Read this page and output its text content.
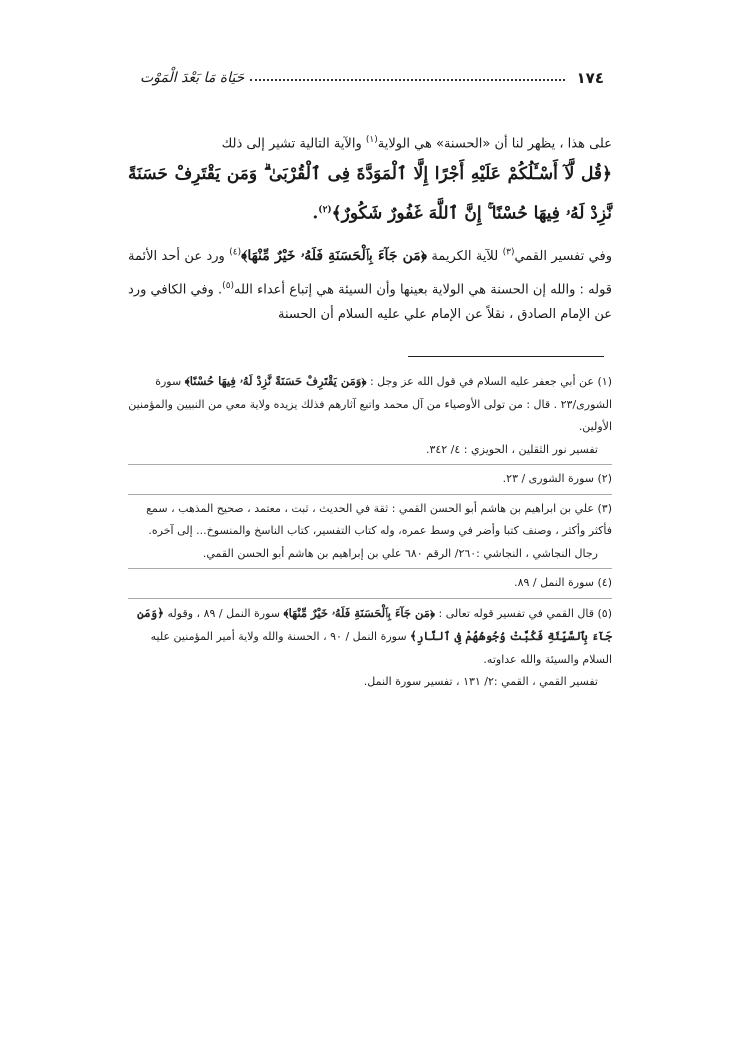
١٧٤
حَيَاة مَا بَعْدَ الْمَوْت

على هذا ، يظهر لنا أن «الحسنة» هي الولاية$^{(١)}$ والآية التالية تشير إلى ذلك

﴿قُل لَّآ أَسْـَٔلُكُمْ عَلَيْهِ أَجْرًا إِلَّا ٱلْمَوَدَّةَ فِى ٱلْقُرْبَىٰ ۗ وَمَن يَقْتَرِفْ حَسَنَةً نَّزِدْ لَهُۥ فِيهَا حُسْنًا ۚ إِنَّ ٱللَّهَ غَفُورٌ شَكُورٌ﴾$^{(٢)}$.

وفي تفسير القمي$^{(٣)}$ للآية الكريمة ﴿مَن جَآءَ بِٱلْحَسَنَةِ فَلَهُۥ خَيْرٌ مِّنْهَا﴾$^{(٤)}$ ورد عن أحد الأئمة قوله : والله إن الحسنة هي الولاية بعينها وأن السيئة هي إتباع أعداء الله$^{(٥)}$. وفي الكافي ورد عن الإمام الصادق ، نقلاً عن الإمام علي عليه السلام أن الحسنة

(١) عن أبي جعفر عليه السلام في قول الله عز وجل : ﴿وَمَن يَقْتَرِفْ حَسَنَةً نَّزِدْ لَهُۥ فِيهَا حُسْنًا﴾ سورة الشورى/٢٣ . قال : من تولى الأوصياء من آل محمد واتبع آثارهم فذلك يزيده ولاية معي من النبيين والمؤمنين الأولين.

تفسير نور الثقلين ، الحويزي : ٤/ ٣٤٢.

(٢) سورة الشورى / ٢٣.

(٣) علي بن ابراهيم بن هاشم أبو الحسن القمي : ثقة في الحديث ، ثبت ، معتمد ، صحيح المذهب ، سمع فأكثر وأكثر ، وصنف كتبا وأضر في وسط عمره، وله كتاب التفسير، كتاب الناسخ والمنسوخ... إلى آخره.

رجال النجاشي ، النجاشي :٢٦٠/ الرقم ٦٨٠ علي بن إبراهيم بن هاشم أبو الحسن القمي.

(٤) سورة النمل / ٨٩.

(٥) قال القمي في تفسير قوله تعالى : ﴿مَن جَآءَ بِٱلْحَسَنَةِ فَلَهُۥ خَيْرٌ مِّنْهَا﴾ سورة النمل / ٨٩ ، وقوله ﴿وَمَن جَآءَ بِٱلسَّيِّئَةِ فَكُبَّتْ وُجُوهُهُمْ فِى ٱلنَّارِ﴾ سورة النمل / ٩٠ ، الحسنة والله ولاية أمير المؤمنين عليه السلام والسيئة والله عداوته.

تفسير القمي ، القمي :٢/ ١٣١ ، تفسير سورة النمل.
